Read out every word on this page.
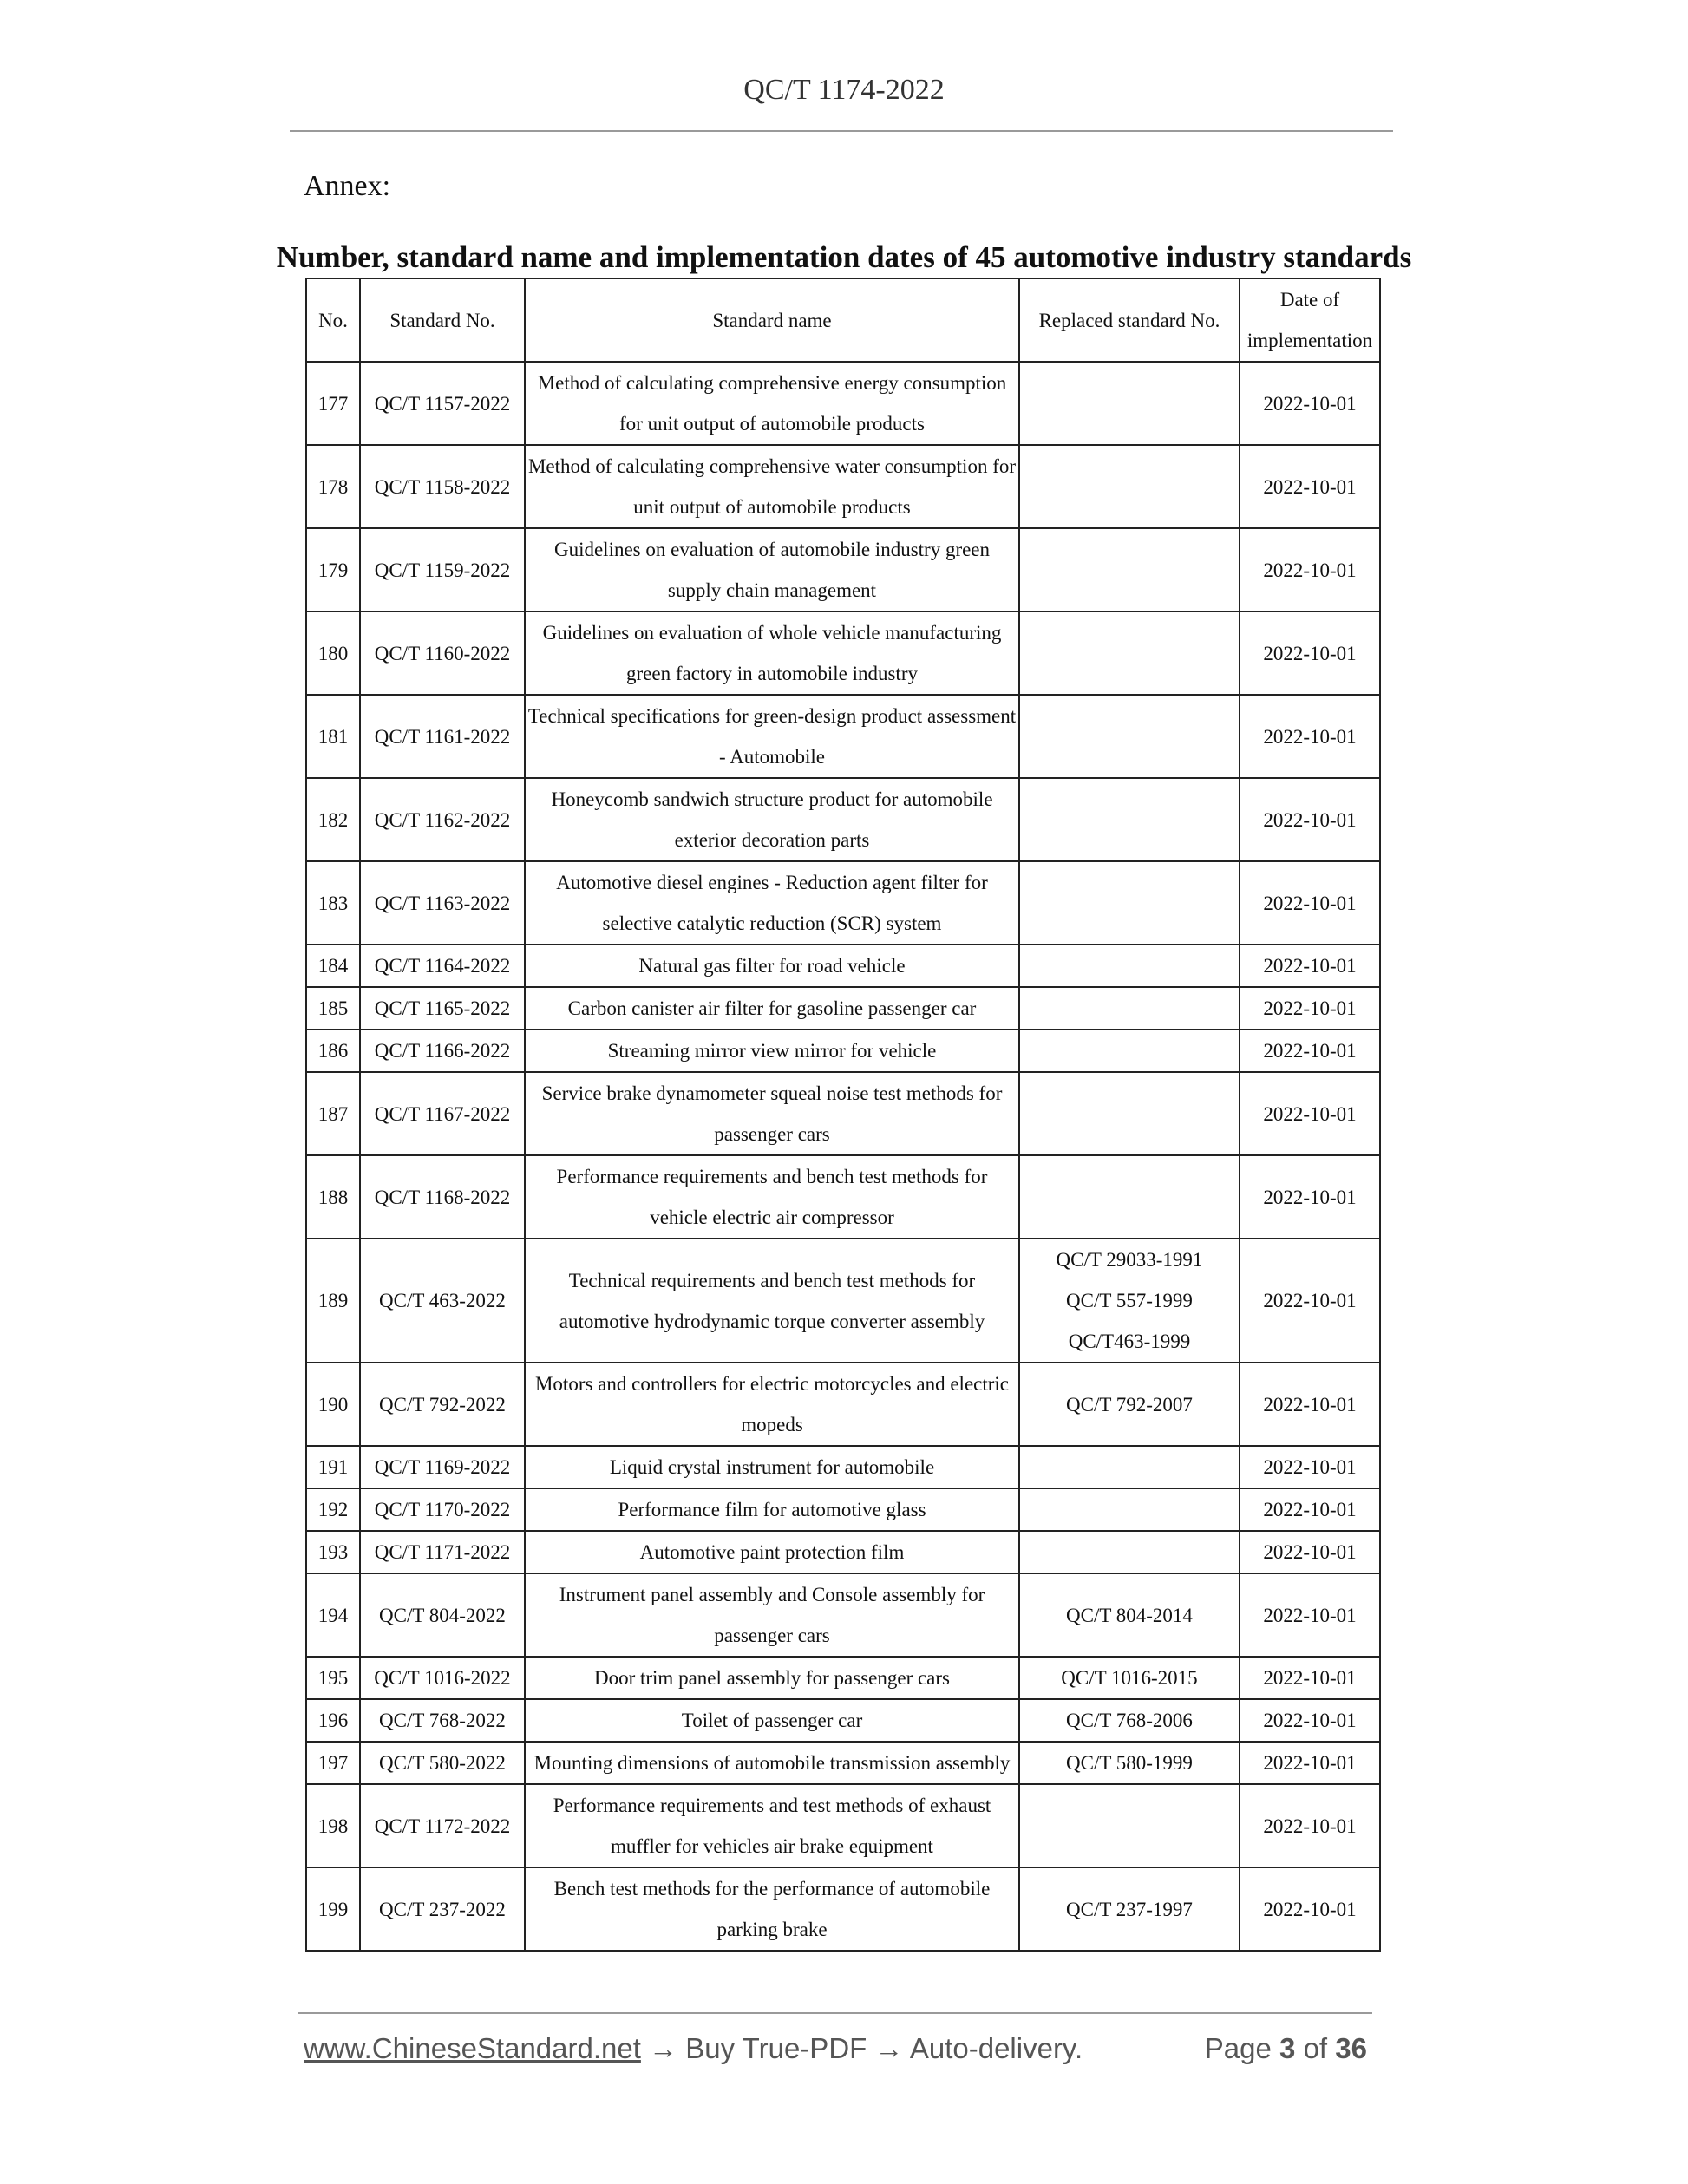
QC/T 1174-2022
Annex:
Number, standard name and implementation dates of 45 automotive industry standards
No.	Standard No.	Standard name	Replaced standard No.	Date of implementation
177	QC/T 1157-2022	Method of calculating comprehensive energy consumption for unit output of automobile products		2022-10-01
178	QC/T 1158-2022	Method of calculating comprehensive water consumption for unit output of automobile products		2022-10-01
179	QC/T 1159-2022	Guidelines on evaluation of automobile industry green supply chain management		2022-10-01
180	QC/T 1160-2022	Guidelines on evaluation of whole vehicle manufacturing green factory in automobile industry		2022-10-01
181	QC/T 1161-2022	Technical specifications for green-design product assessment - Automobile		2022-10-01
182	QC/T 1162-2022	Honeycomb sandwich structure product for automobile exterior decoration parts		2022-10-01
183	QC/T 1163-2022	Automotive diesel engines - Reduction agent filter for selective catalytic reduction (SCR) system		2022-10-01
184	QC/T 1164-2022	Natural gas filter for road vehicle		2022-10-01
185	QC/T 1165-2022	Carbon canister air filter for gasoline passenger car		2022-10-01
186	QC/T 1166-2022	Streaming mirror view mirror for vehicle		2022-10-01
187	QC/T 1167-2022	Service brake dynamometer squeal noise test methods for passenger cars		2022-10-01
188	QC/T 1168-2022	Performance requirements and bench test methods for vehicle electric air compressor		2022-10-01
189	QC/T 463-2022	Technical requirements and bench test methods for automotive hydrodynamic torque converter assembly	QC/T 29033-1991
QC/T 557-1999
QC/T463-1999	2022-10-01
190	QC/T 792-2022	Motors and controllers for electric motorcycles and electric mopeds	QC/T 792-2007	2022-10-01
191	QC/T 1169-2022	Liquid crystal instrument for automobile		2022-10-01
192	QC/T 1170-2022	Performance film for automotive glass		2022-10-01
193	QC/T 1171-2022	Automotive paint protection film		2022-10-01
194	QC/T 804-2022	Instrument panel assembly and Console assembly for passenger cars	QC/T 804-2014	2022-10-01
195	QC/T 1016-2022	Door trim panel assembly for passenger cars	QC/T 1016-2015	2022-10-01
196	QC/T 768-2022	Toilet of passenger car	QC/T 768-2006	2022-10-01
197	QC/T 580-2022	Mounting dimensions of automobile transmission assembly	QC/T 580-1999	2022-10-01
198	QC/T 1172-2022	Performance requirements and test methods of exhaust muffler for vehicles air brake equipment		2022-10-01
199	QC/T 237-2022	Bench test methods for the performance of automobile parking brake	QC/T 237-1997	2022-10-01
www.ChineseStandard.net → Buy True-PDF → Auto-delivery.	Page 3 of 36
